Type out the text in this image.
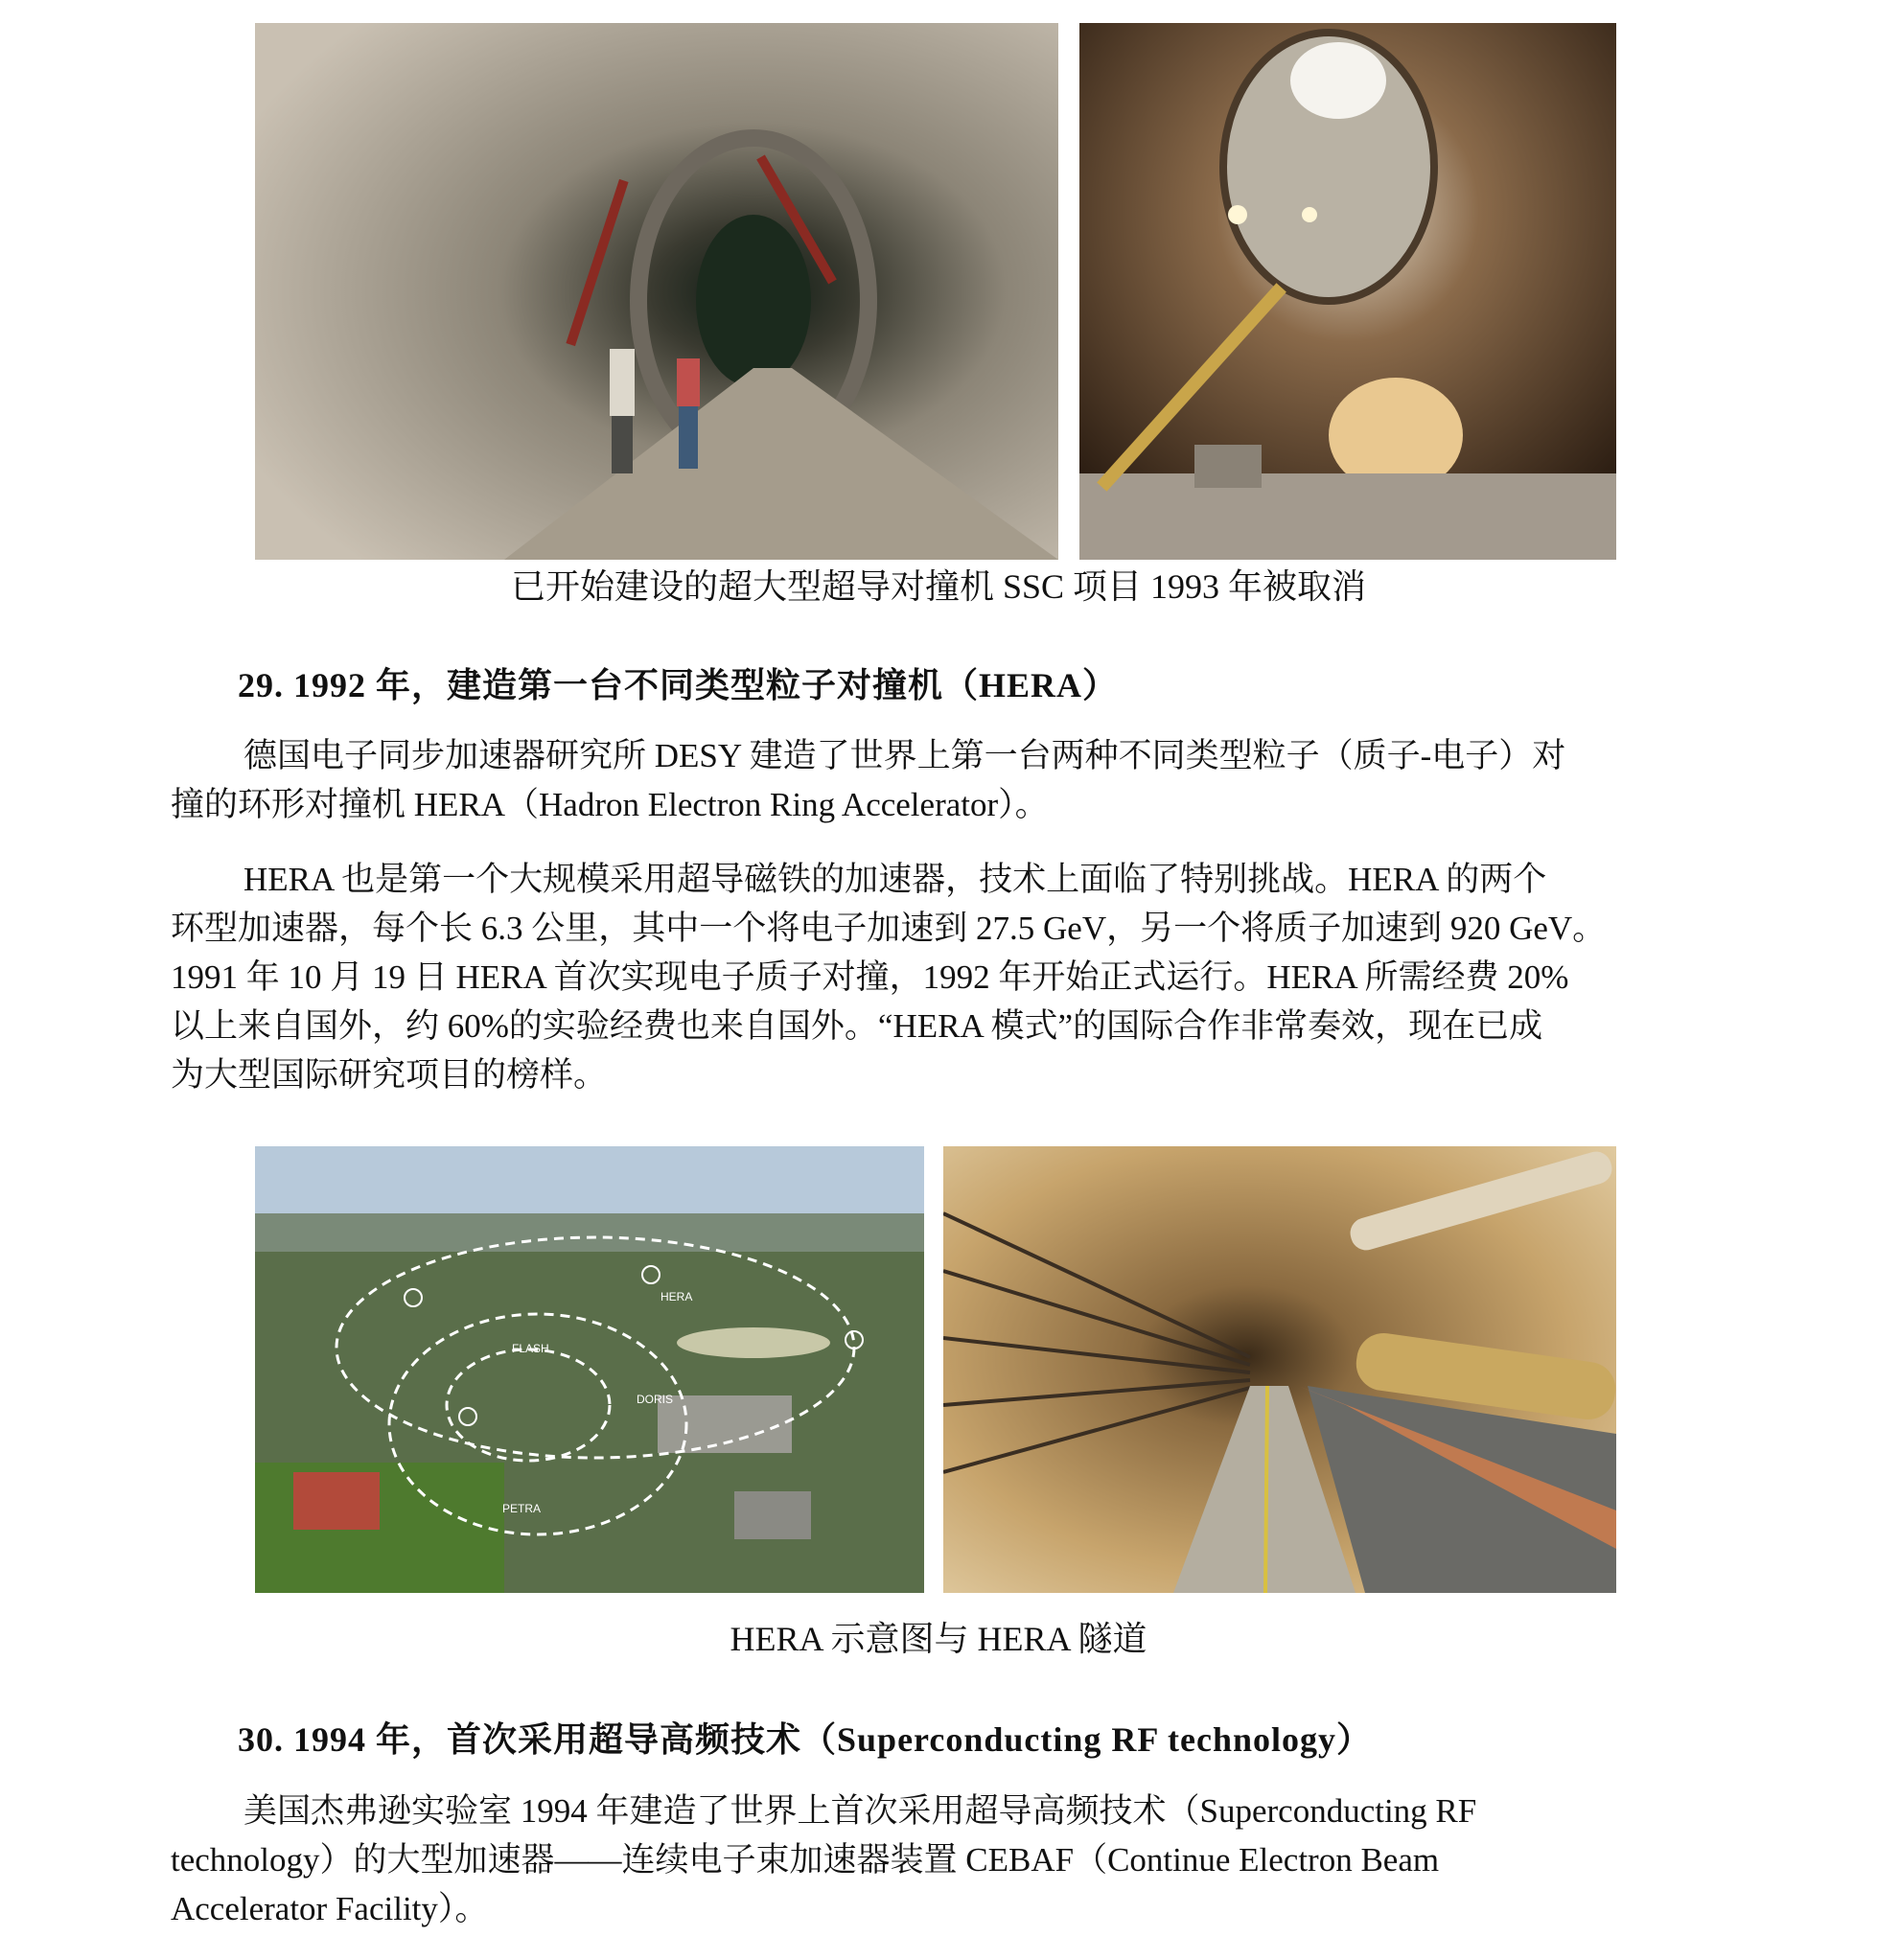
已开始建设的超大型超导对撞机 SSC 项目 1993 年被取消
29. 1992 年，建造第一台不同类型粒子对撞机（HERA）
德国电子同步加速器研究所 DESY 建造了世界上第一台两种不同类型粒子（质子-电子）对
撞的环形对撞机 HERA（Hadron Electron Ring Accelerator）。
HERA 也是第一个大规模采用超导磁铁的加速器，技术上面临了特别挑战。HERA 的两个
环型加速器，每个长 6.3 公里，其中一个将电子加速到 27.5 GeV，另一个将质子加速到 920 GeV。
1991 年 10 月 19 日 HERA 首次实现电子质子对撞，1992 年开始正式运行。HERA 所需经费 20%
以上来自国外，约 60%的实验经费也来自国外。“HERA 模式”的国际合作非常奏效，现在已成
为大型国际研究项目的榜样。
HERA
FLASH
DORIS
PETRA
HERA 示意图与 HERA 隧道
30. 1994 年，首次采用超导高频技术（Superconducting RF technology）
美国杰弗逊实验室 1994 年建造了世界上首次采用超导高频技术（Superconducting RF
technology）的大型加速器——连续电子束加速器装置 CEBAF（Continue Electron Beam
Accelerator Facility）。
